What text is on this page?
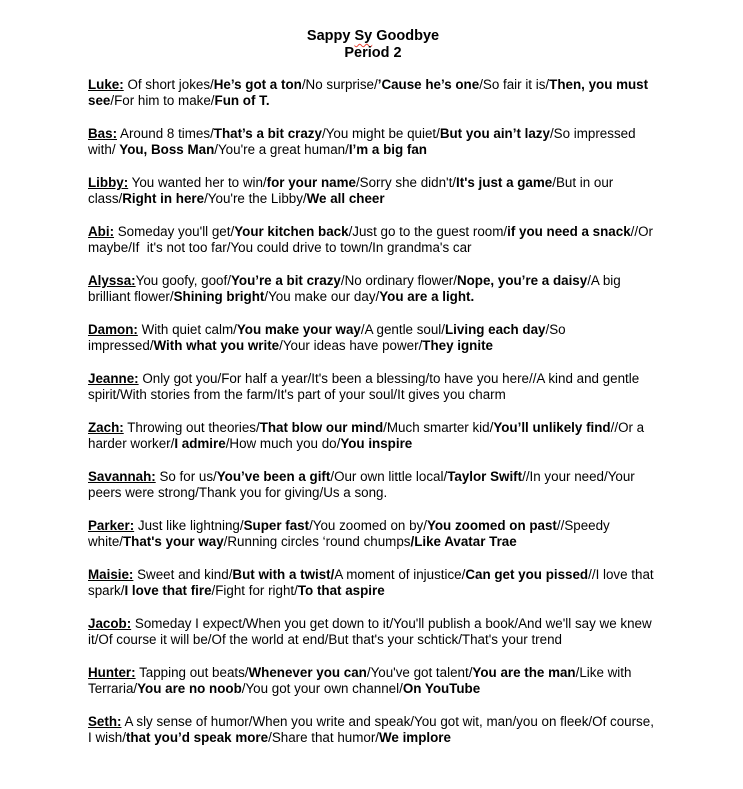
Sappy Sy Goodbye

Period 2

Luke: Of short jokes/He’s got a ton/No surprise/’Cause he’s one/So fair it is/Then, you must see/For him to make/Fun of T.

Bas: Around 8 times/That’s a bit crazy/You might be quiet/But you ain’t lazy/So impressed with/ You, Boss Man/You're a great human/I’m a big fan

Libby: You wanted her to win/for your name/Sorry she didn't/It's just a game/But in our class/Right in here/You're the Libby/We all cheer

Abi: Someday you'll get/Your kitchen back/Just go to the guest room/if you need a snack//Or maybe/If  it's not too far/You could drive to town/In grandma's car

Alyssa:You goofy, goof/You’re a bit crazy/No ordinary flower/Nope, you’re a daisy/A big brilliant flower/Shining bright/You make our day/You are a light.

Damon: With quiet calm/You make your way/A gentle soul/Living each day/So impressed/With what you write/Your ideas have power/They ignite

Jeanne: Only got you/For half a year/It's been a blessing/to have you here//A kind and gentle spirit/With stories from the farm/It's part of your soul/It gives you charm

Zach: Throwing out theories/That blow our mind/Much smarter kid/You’ll unlikely find//Or a harder worker/I admire/How much you do/You inspire

Savannah: So for us/You’ve been a gift/Our own little local/Taylor Swift//In your need/Your peers were strong/Thank you for giving/Us a song.

Parker: Just like lightning/Super fast/You zoomed on by/You zoomed on past//Speedy white/That's your way/Running circles ‘round chumps/Like Avatar Trae

Maisie: Sweet and kind/But with a twist/A moment of injustice/Can get you pissed//I love that spark/I love that fire/Fight for right/To that aspire

Jacob: Someday I expect/When you get down to it/You'll publish a book/And we'll say we knew it/Of course it will be/Of the world at end/But that's your schtick/That's your trend

Hunter: Tapping out beats/Whenever you can/You've got talent/You are the man/Like with Terraria/You are no noob/You got your own channel/On YouTube

Seth: A sly sense of humor/When you write and speak/You got wit, man/you on fleek/Of course, I wish/that you’d speak more/Share that humor/We implore
